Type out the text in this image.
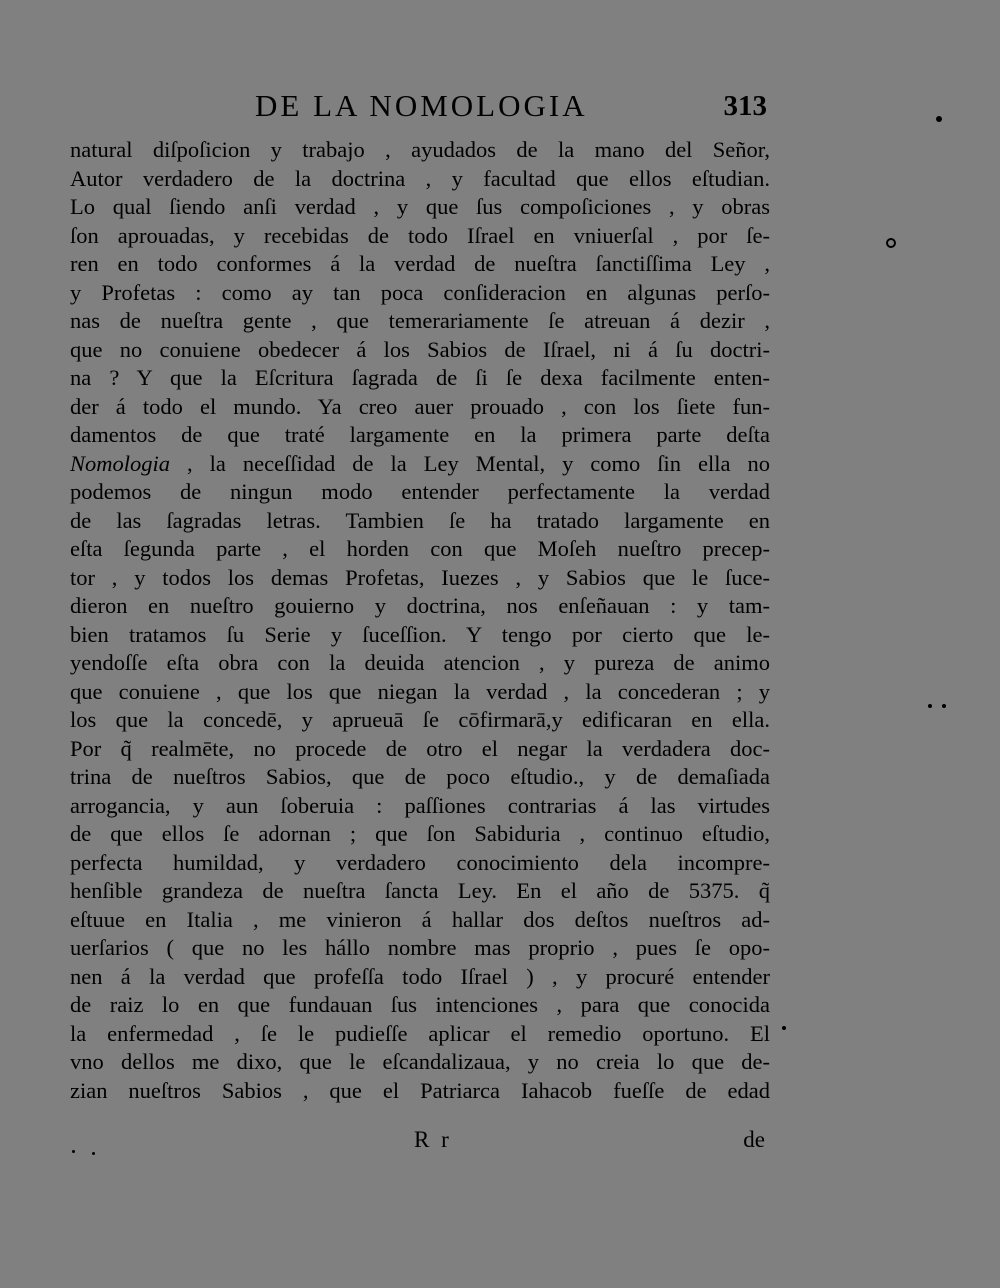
DE LA NOMOLOGIA	313
natural diſpoſicion y trabajo , ayudados de la mano del Señor,
Autor verdadero de la doctrina , y facultad que ellos eſtudian.
Lo qual ſiendo anſi verdad , y que ſus compoſiciones , y obras
ſon aprouadas, y recebidas de todo Iſrael en vniuerſal , por ſe-
ren en todo conformes á la verdad de nueſtra ſanctiſſima Ley ,
y Profetas : como ay tan poca conſideracion en algunas perſo-
nas de nueſtra gente , que temerariamente ſe atreuan á dezir ,
que no conuiene obedecer á los Sabios de Iſrael, ni á ſu doctri-
na ? Y que la Eſcritura ſagrada de ſi ſe dexa facilmente enten-
der á todo el mundo. Ya creo auer prouado , con los ſiete fun-
damentos de que traté largamente en la primera parte deſta
Nomologia , la neceſſidad de la Ley Mental, y como ſin ella no
podemos de ningun modo entender perfectamente la verdad
de las ſagradas letras. Tambien ſe ha tratado largamente en
eſta ſegunda parte , el horden con que Moſeh nueſtro precep-
tor , y todos los demas Profetas, Iuezes , y Sabios que le ſuce-
dieron en nueſtro gouierno y doctrina, nos enſeñauan : y tam-
bien tratamos ſu Serie y ſuceſſion. Y tengo por cierto que le-
yendoſſe eſta obra con la deuida atencion , y pureza de animo
que conuiene , que los que niegan la verdad , la concederan ; y
los que la concedē, y aprueuā ſe cōfirmarā,y edificaran en ella.
Por q̃ realmēte, no procede de otro el negar la verdadera doc-
trina de nueſtros Sabios, que de poco eſtudio., y de demaſiada
arrogancia, y aun ſoberuia : paſſiones contrarias á las virtudes
de que ellos ſe adornan ; que ſon Sabiduria , continuo eſtudio,
perfecta humildad, y verdadero conocimiento dela incompre-
henſible grandeza de nueſtra ſancta Ley. En el año de 5375. q̃
eſtuue en Italia , me vinieron á hallar dos deſtos nueſtros ad-
uerſarios ( que no les hállo nombre mas proprio , pues ſe opo-
nen á la verdad que profeſſa todo Iſrael ) , y procuré entender
de raiz lo en que fundauan ſus intenciones , para que conocida
la enfermedad , ſe le pudieſſe aplicar el remedio oportuno. El
vno dellos me dixo, que le eſcandalizaua, y no creia lo que de-
zian nueſtros Sabios , que el Patriarca Iahacob fueſſe de edad
R r	de
